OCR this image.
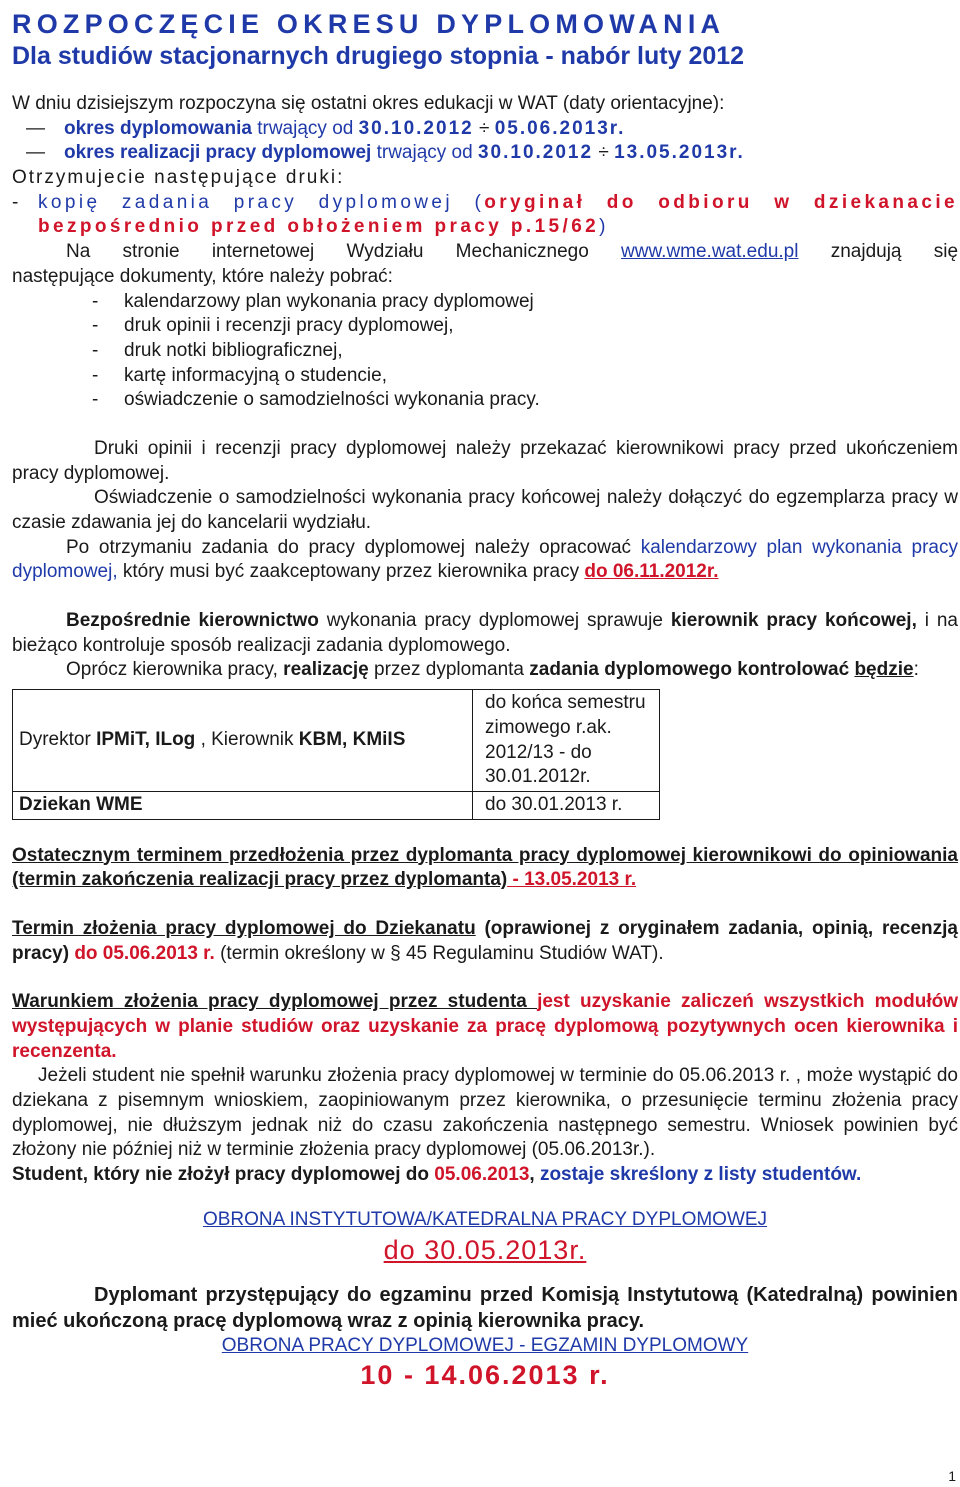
ROZPOCZĘCIE OKRESU DYPLOMOWANIA
Dla studiów stacjonarnych drugiego stopnia - nabór luty 2012
W dniu dzisiejszym rozpoczyna się ostatni okres edukacji w WAT (daty orientacyjne):
—	okres dyplomowania trwający od 30.10.2012 ÷ 05.06.2013r.
—	okres realizacji pracy dyplomowej trwający od 30.10.2012 ÷ 13.05.2013r.
Otrzymujecie następujące druki:
- kopię zadania pracy dyplomowej (oryginał do odbioru w dziekanacie bezpośrednio przed obłożeniem pracy p.15/62)
Na stronie internetowej Wydziału Mechanicznego www.wme.wat.edu.pl znajdują się
następujące dokumenty, które należy pobrać:
-	kalendarzowy plan wykonania pracy dyplomowej
-	druk opinii i recenzji pracy dyplomowej,
-	druk notki bibliograficznej,
-	kartę informacyjną o studencie,
-	oświadczenie o samodzielności wykonania pracy.
Druki opinii i recenzji pracy dyplomowej należy przekazać kierownikowi pracy przed ukończeniem pracy dyplomowej.
Oświadczenie o samodzielności wykonania pracy końcowej należy dołączyć do egzemplarza pracy w czasie zdawania jej do kancelarii wydziału.
Po otrzymaniu zadania do pracy dyplomowej należy opracować kalendarzowy plan wykonania pracy dyplomowej, który musi być zaakceptowany przez kierownika pracy do 06.11.2012r.
Bezpośrednie kierownictwo wykonania pracy dyplomowej sprawuje kierownik pracy końcowej, i na bieżąco kontroluje sposób realizacji zadania dyplomowego.
Oprócz kierownika pracy, realizację przez dyplomanta zadania dyplomowego kontrolować będzie:
Dyrektor IPMiT, ILog , Kierownik KBM, KMiIS	do końca semestru zimowego r.ak. 2012/13 - do 30.01.2012r.
Dziekan WME	do 30.01.2013 r.
Ostatecznym terminem przedłożenia przez dyplomanta pracy dyplomowej kierownikowi do opiniowania (termin zakończenia realizacji pracy przez dyplomanta) - 13.05.2013 r.
Termin złożenia pracy dyplomowej do Dziekanatu (oprawionej z oryginałem zadania, opinią, recenzją pracy) do 05.06.2013 r. (termin określony w § 45 Regulaminu Studiów WAT).
Warunkiem złożenia pracy dyplomowej przez studenta jest uzyskanie zaliczeń wszystkich modułów występujących w planie studiów oraz uzyskanie za pracę dyplomową pozytywnych ocen kierownika i recenzenta.
Jeżeli student nie spełnił warunku złożenia pracy dyplomowej w terminie do 05.06.2013 r. , może wystąpić do dziekana z pisemnym wnioskiem, zaopiniowanym przez kierownika, o przesunięcie terminu złożenia pracy dyplomowej, nie dłuższym jednak niż do czasu zakończenia następnego semestru. Wniosek powinien być złożony nie później niż w terminie złożenia pracy dyplomowej (05.06.2013r.).
Student, który nie złożył pracy dyplomowej do 05.06.2013, zostaje skreślony z listy studentów.
OBRONA INSTYTUTOWA/KATEDRALNA PRACY DYPLOMOWEJ
do 30.05.2013r.
Dyplomant przystępujący do egzaminu przed Komisją Instytutową (Katedralną) powinien mieć ukończoną pracę dyplomową wraz z opinią kierownika pracy.
OBRONA PRACY DYPLOMOWEJ - EGZAMIN DYPLOMOWY
10 - 14.06.2013 r.
1
